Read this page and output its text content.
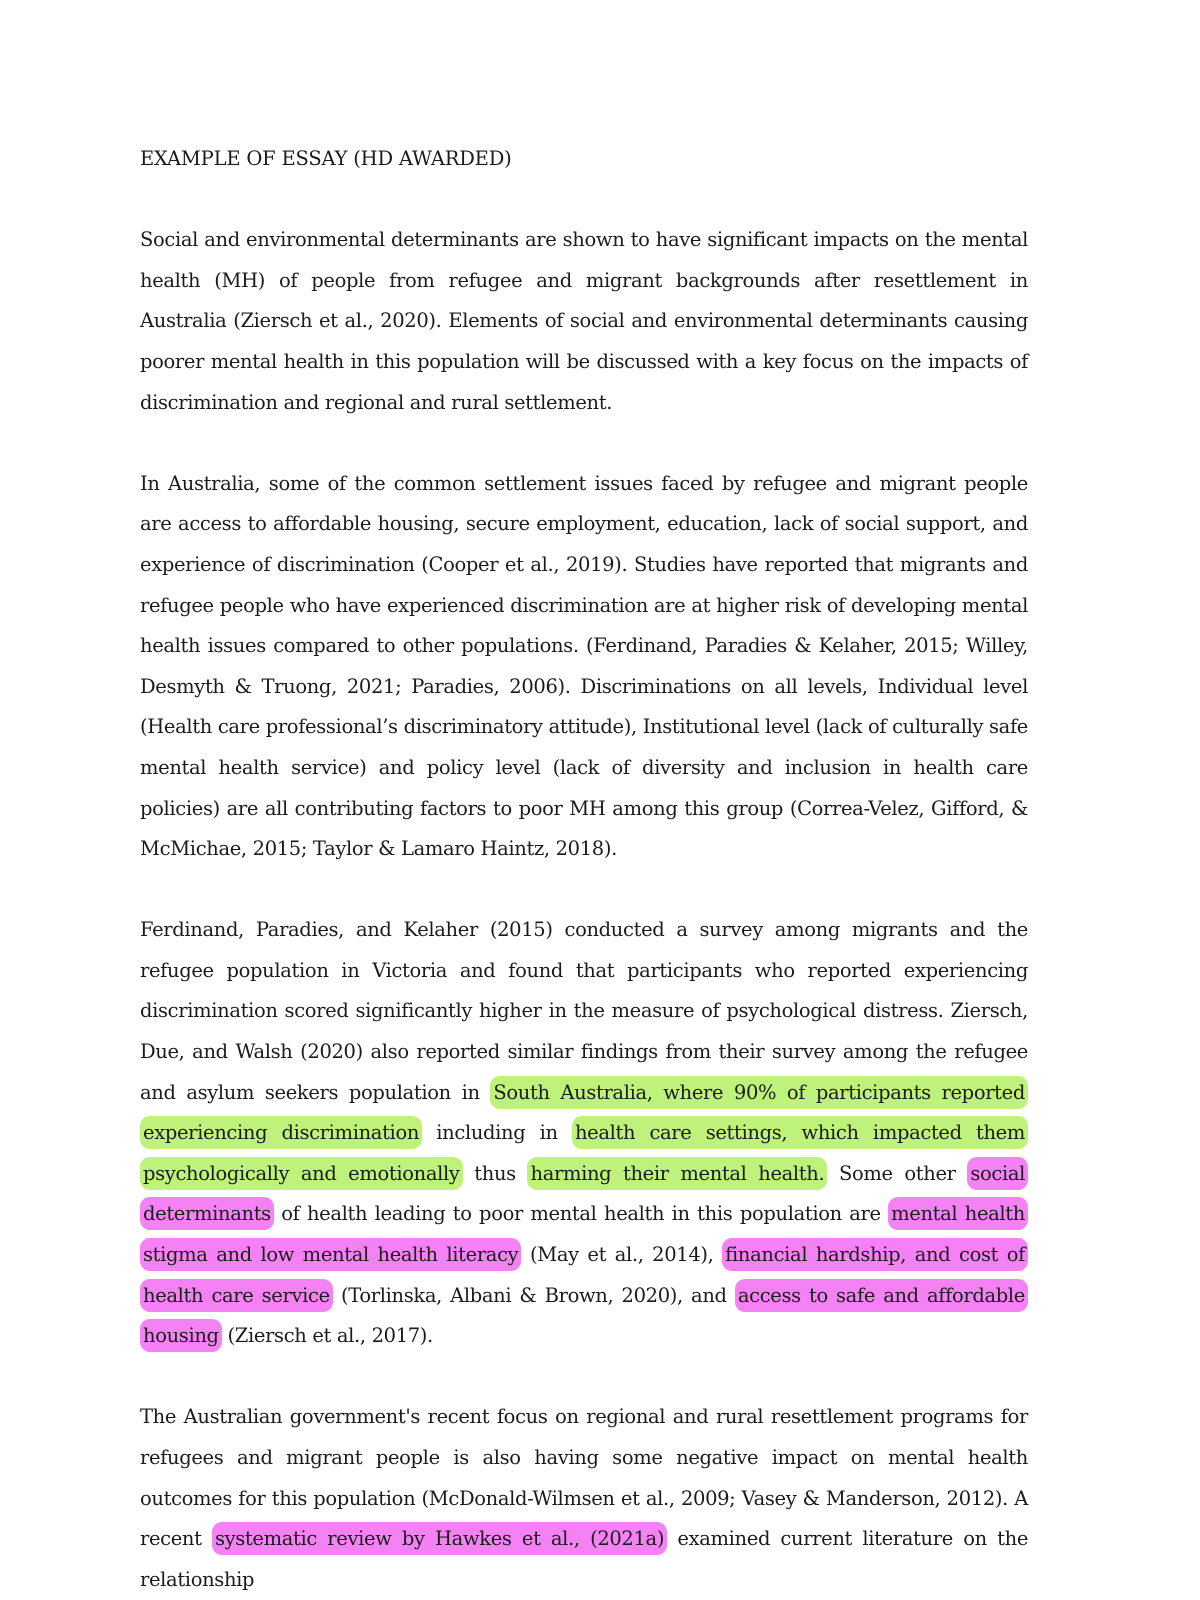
EXAMPLE OF ESSAY (HD AWARDED)

Social and environmental determinants are shown to have significant impacts on the mental health (MH) of people from refugee and migrant backgrounds after resettlement in Australia (Ziersch et al., 2020). Elements of social and environmental determinants causing poorer mental health in this population will be discussed with a key focus on the impacts of discrimination and regional and rural settlement.

In Australia, some of the common settlement issues faced by refugee and migrant people are access to affordable housing, secure employment, education, lack of social support, and experience of discrimination (Cooper et al., 2019). Studies have reported that migrants and refugee people who have experienced discrimination are at higher risk of developing mental health issues compared to other populations. (Ferdinand, Paradies & Kelaher, 2015; Willey, Desmyth & Truong, 2021; Paradies, 2006). Discriminations on all levels, Individual level (Health care professional’s discriminatory attitude), Institutional level (lack of culturally safe mental health service) and policy level (lack of diversity and inclusion in health care policies) are all contributing factors to poor MH among this group (Correa-Velez, Gifford, & McMichae, 2015; Taylor & Lamaro Haintz, 2018).

Ferdinand, Paradies, and Kelaher (2015) conducted a survey among migrants and the refugee population in Victoria and found that participants who reported experiencing discrimination scored significantly higher in the measure of psychological distress. Ziersch, Due, and Walsh (2020) also reported similar findings from their survey among the refugee and asylum seekers population in South Australia, where 90% of participants reported experiencing discrimination including in health care settings, which impacted them psychologically and emotionally thus harming their mental health. Some other social determinants of health leading to poor mental health in this population are mental health stigma and low mental health literacy (May et al., 2014), financial hardship, and cost of health care service (Torlinska, Albani & Brown, 2020), and access to safe and affordable housing (Ziersch et al., 2017).

The Australian government's recent focus on regional and rural resettlement programs for refugees and migrant people is also having some negative impact on mental health outcomes for this population (McDonald-Wilmsen et al., 2009; Vasey & Manderson, 2012). A recent systematic review by Hawkes et al., (2021a) examined current literature on the relationship
